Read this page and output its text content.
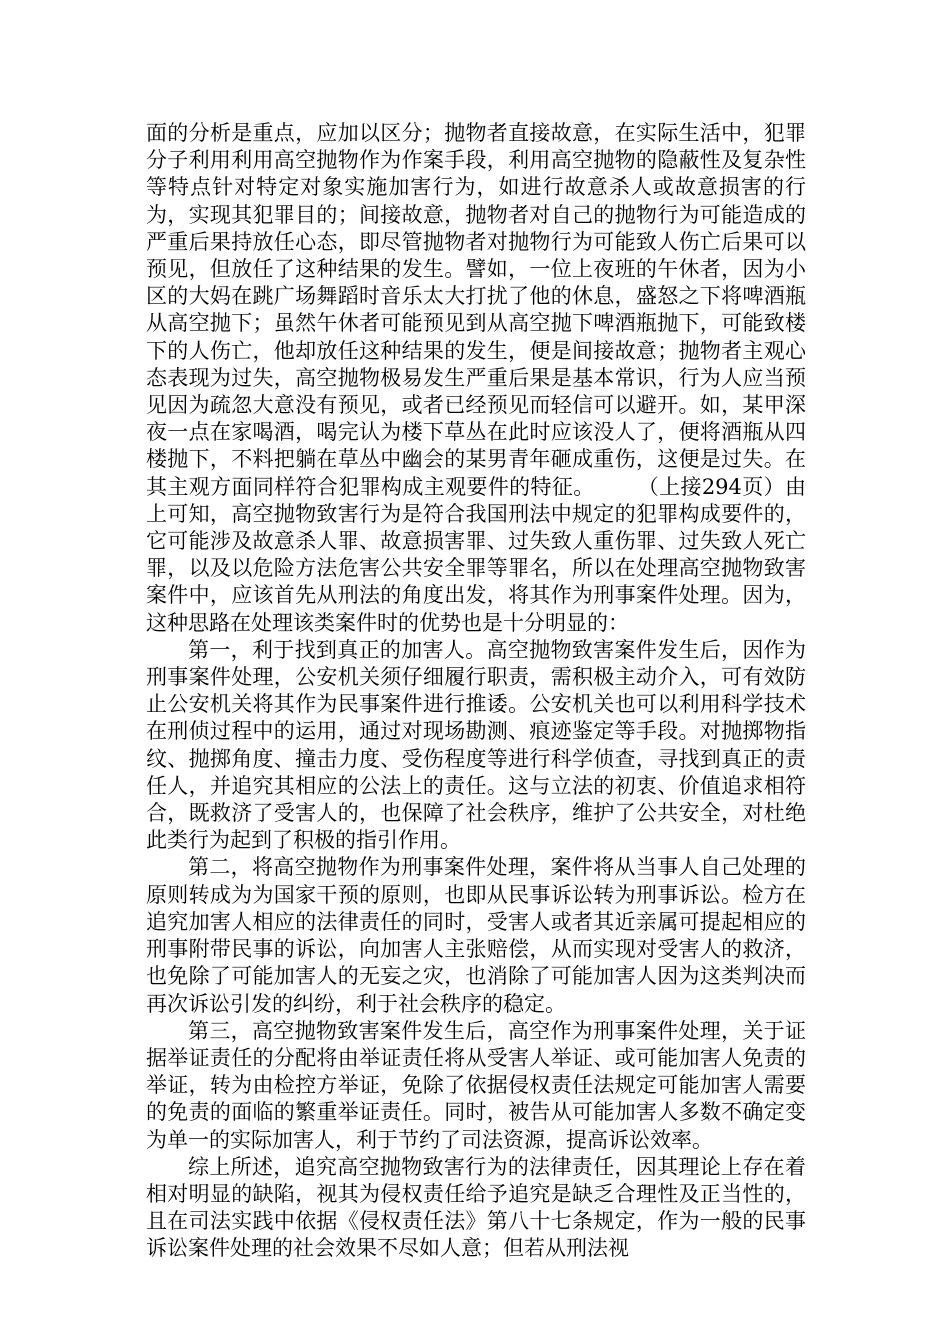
面的分析是重点，应加以区分；抛物者直接故意，在实际生活中，犯罪分子利用利用高空抛物作为作案手段，利用高空抛物的隐蔽性及复杂性等特点针对特定对象实施加害行为，如进行故意杀人或故意损害的行为，实现其犯罪目的；间接故意，抛物者对自己的抛物行为可能造成的严重后果持放任心态，即尽管抛物者对抛物行为可能致人伤亡后果可以预见，但放任了这种结果的发生。譬如，一位上夜班的午休者，因为小区的大妈在跳广场舞蹈时音乐太大打扰了他的休息，盛怒之下将啤酒瓶从高空抛下；虽然午休者可能预见到从高空抛下啤酒瓶抛下，可能致楼下的人伤亡，他却放任这种结果的发生，便是间接故意；抛物者主观心态表现为过失，高空抛物极易发生严重后果是基本常识，行为人应当预见因为疏忽大意没有预见，或者已经预见而轻信可以避开。如，某甲深夜一点在家喝酒，喝完认为楼下草丛在此时应该没人了，便将酒瓶从四楼抛下，不料把躺在草丛中幽会的某男青年砸成重伤，这便是过失。在其主观方面同样符合犯罪构成主观要件的特征。　　　（上接294页）由上可知，高空抛物致害行为是符合我国刑法中规定的犯罪构成要件的，它可能涉及故意杀人罪、故意损害罪、过失致人重伤罪、过失致人死亡罪，以及以危险方法危害公共安全罪等罪名，所以在处理高空抛物致害案件中，应该首先从刑法的角度出发，将其作为刑事案件处理。因为，这种思路在处理该类案件时的优势也是十分明显的：

第一，利于找到真正的加害人。高空抛物致害案件发生后，因作为刑事案件处理，公安机关须仔细履行职责，需积极主动介入，可有效防止公安机关将其作为民事案件进行推诿。公安机关也可以利用科学技术在刑侦过程中的运用，通过对现场勘测、痕迹鉴定等手段。对抛掷物指纹、抛掷角度、撞击力度、受伤程度等进行科学侦查，寻找到真正的责任人，并追究其相应的公法上的责任。这与立法的初衷、价值追求相符合，既救济了受害人的，也保障了社会秩序，维护了公共安全，对杜绝此类行为起到了积极的指引作用。

第二，将高空抛物作为刑事案件处理，案件将从当事人自己处理的原则转成为为国家干预的原则，也即从民事诉讼转为刑事诉讼。检方在追究加害人相应的法律责任的同时，受害人或者其近亲属可提起相应的刑事附带民事的诉讼，向加害人主张赔偿，从而实现对受害人的救济，也免除了可能加害人的无妄之灾，也消除了可能加害人因为这类判决而再次诉讼引发的纠纷，利于社会秩序的稳定。

第三，高空抛物致害案件发生后，高空作为刑事案件处理，关于证据举证责任的分配将由举证责任将从受害人举证、或可能加害人免责的举证，转为由检控方举证，免除了依据侵权责任法规定可能加害人需要的免责的面临的繁重举证责任。同时，被告从可能加害人多数不确定变为单一的实际加害人，利于节约了司法资源，提高诉讼效率。

综上所述，追究高空抛物致害行为的法律责任，因其理论上存在着相对明显的缺陷，视其为侵权责任给予追究是缺乏合理性及正当性的，且在司法实践中依据《侵权责任法》第八十七条规定，作为一般的民事诉讼案件处理的社会效果不尽如人意；但若从刑法视
